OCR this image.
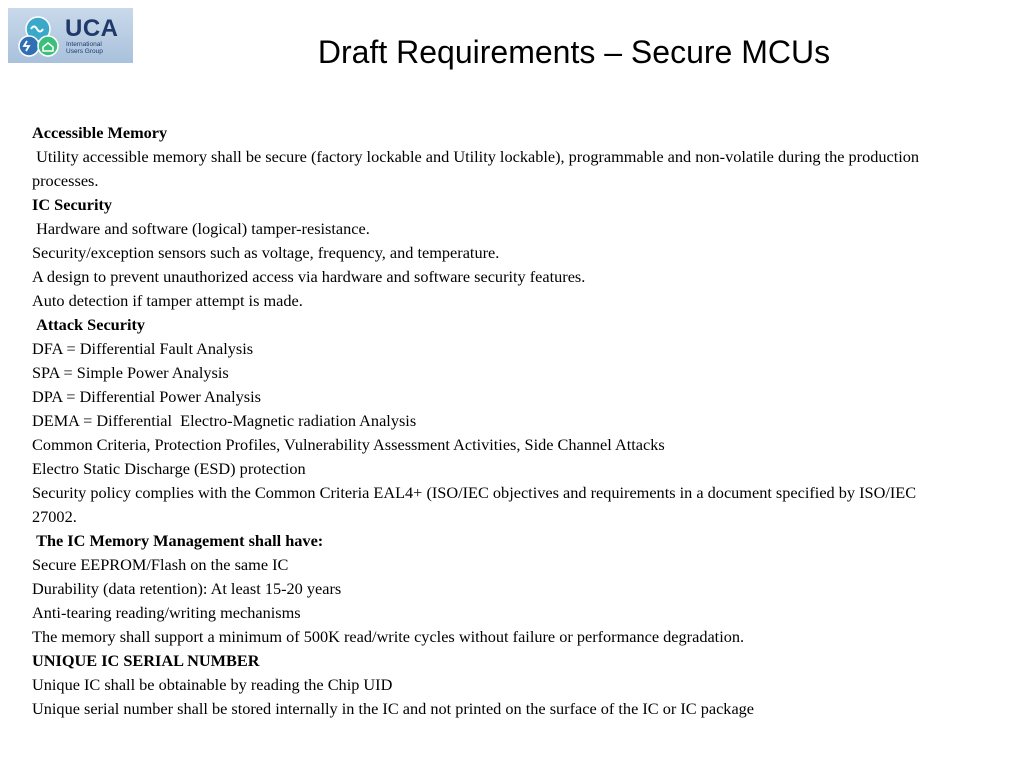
UCA
International
Users Group	Draft Requirements – Secure MCUs

Accessible Memory

Utility accessible memory shall be secure (factory lockable and Utility lockable), programmable and non-volatile during the production processes.

IC Security

Hardware and software (logical) tamper-resistance.

Security/exception sensors such as voltage, frequency, and temperature.

A design to prevent unauthorized access via hardware and software security features.

Auto detection if tamper attempt is made.

Attack Security

DFA = Differential Fault Analysis

SPA = Simple Power Analysis

DPA = Differential Power Analysis

DEMA = Differential  Electro-Magnetic radiation Analysis

Common Criteria, Protection Profiles, Vulnerability Assessment Activities, Side Channel Attacks

Electro Static Discharge (ESD) protection

Security policy complies with the Common Criteria EAL4+ (ISO/IEC objectives and requirements in a document specified by ISO/IEC 27002.

The IC Memory Management shall have:

Secure EEPROM/Flash on the same IC

Durability (data retention): At least 15-20 years

Anti-tearing reading/writing mechanisms

The memory shall support a minimum of 500K read/write cycles without failure or performance degradation.

UNIQUE IC SERIAL NUMBER

Unique IC shall be obtainable by reading the Chip UID

Unique serial number shall be stored internally in the IC and not printed on the surface of the IC or IC package
